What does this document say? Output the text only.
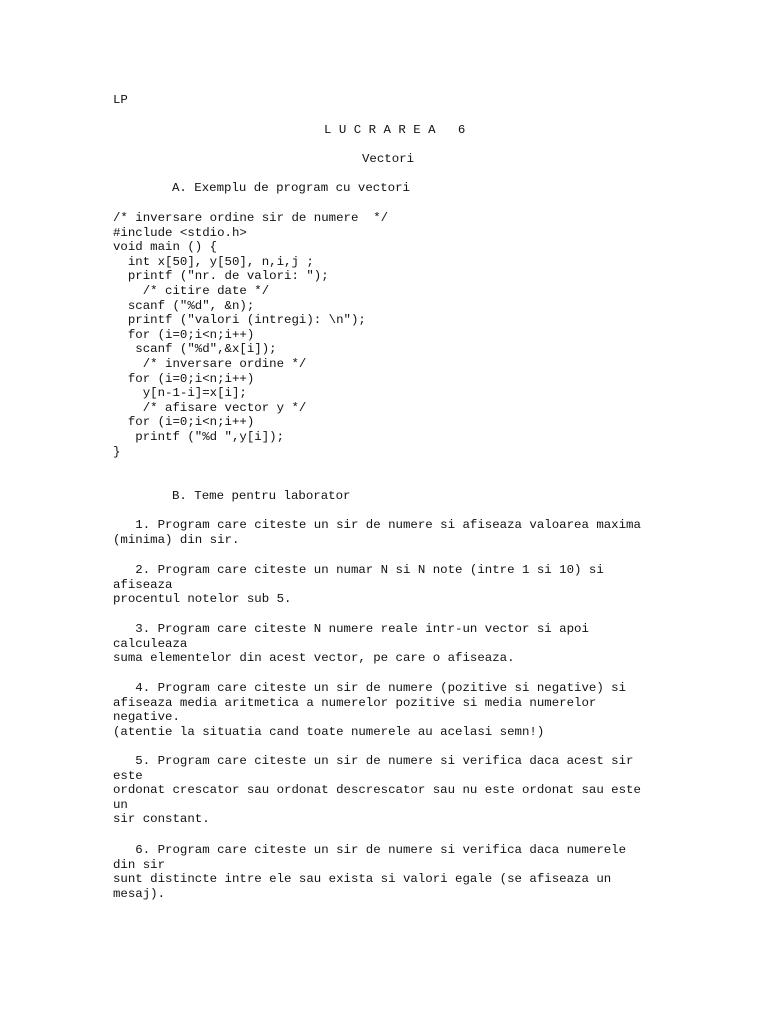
LP
L U C R A R E A   6
Vectori
A. Exemplu de program cu vectori
/* inversare ordine sir de numere  */
#include <stdio.h>
void main () {
int x[50], y[50], n,i,j ;
printf ("nr. de valori: ");
/* citire date */
scanf ("%d", &n);
printf ("valori (intregi): \n");
for (i=0;i<n;i++)
scanf ("%d",&x[i]);
/* inversare ordine */
for (i=0;i<n;i++)
y[n-1-i]=x[i];
/* afisare vector y */
for (i=0;i<n;i++)
printf ("%d ",y[i]);
}
B. Teme pentru laborator
1. Program care citeste un sir de numere si afiseaza valoarea maxima
(minima) din sir.
2. Program care citeste un numar N si N note (intre 1 si 10) si
afiseaza
procentul notelor sub 5.
3. Program care citeste N numere reale intr-un vector si apoi
calculeaza
suma elementelor din acest vector, pe care o afiseaza.
4. Program care citeste un sir de numere (pozitive si negative) si
afiseaza media aritmetica a numerelor pozitive si media numerelor
negative.
(atentie la situatia cand toate numerele au acelasi semn!)
5. Program care citeste un sir de numere si verifica daca acest sir
este
ordonat crescator sau ordonat descrescator sau nu este ordonat sau este
un
sir constant.
6. Program care citeste un sir de numere si verifica daca numerele
din sir
sunt distincte intre ele sau exista si valori egale (se afiseaza un
mesaj).
